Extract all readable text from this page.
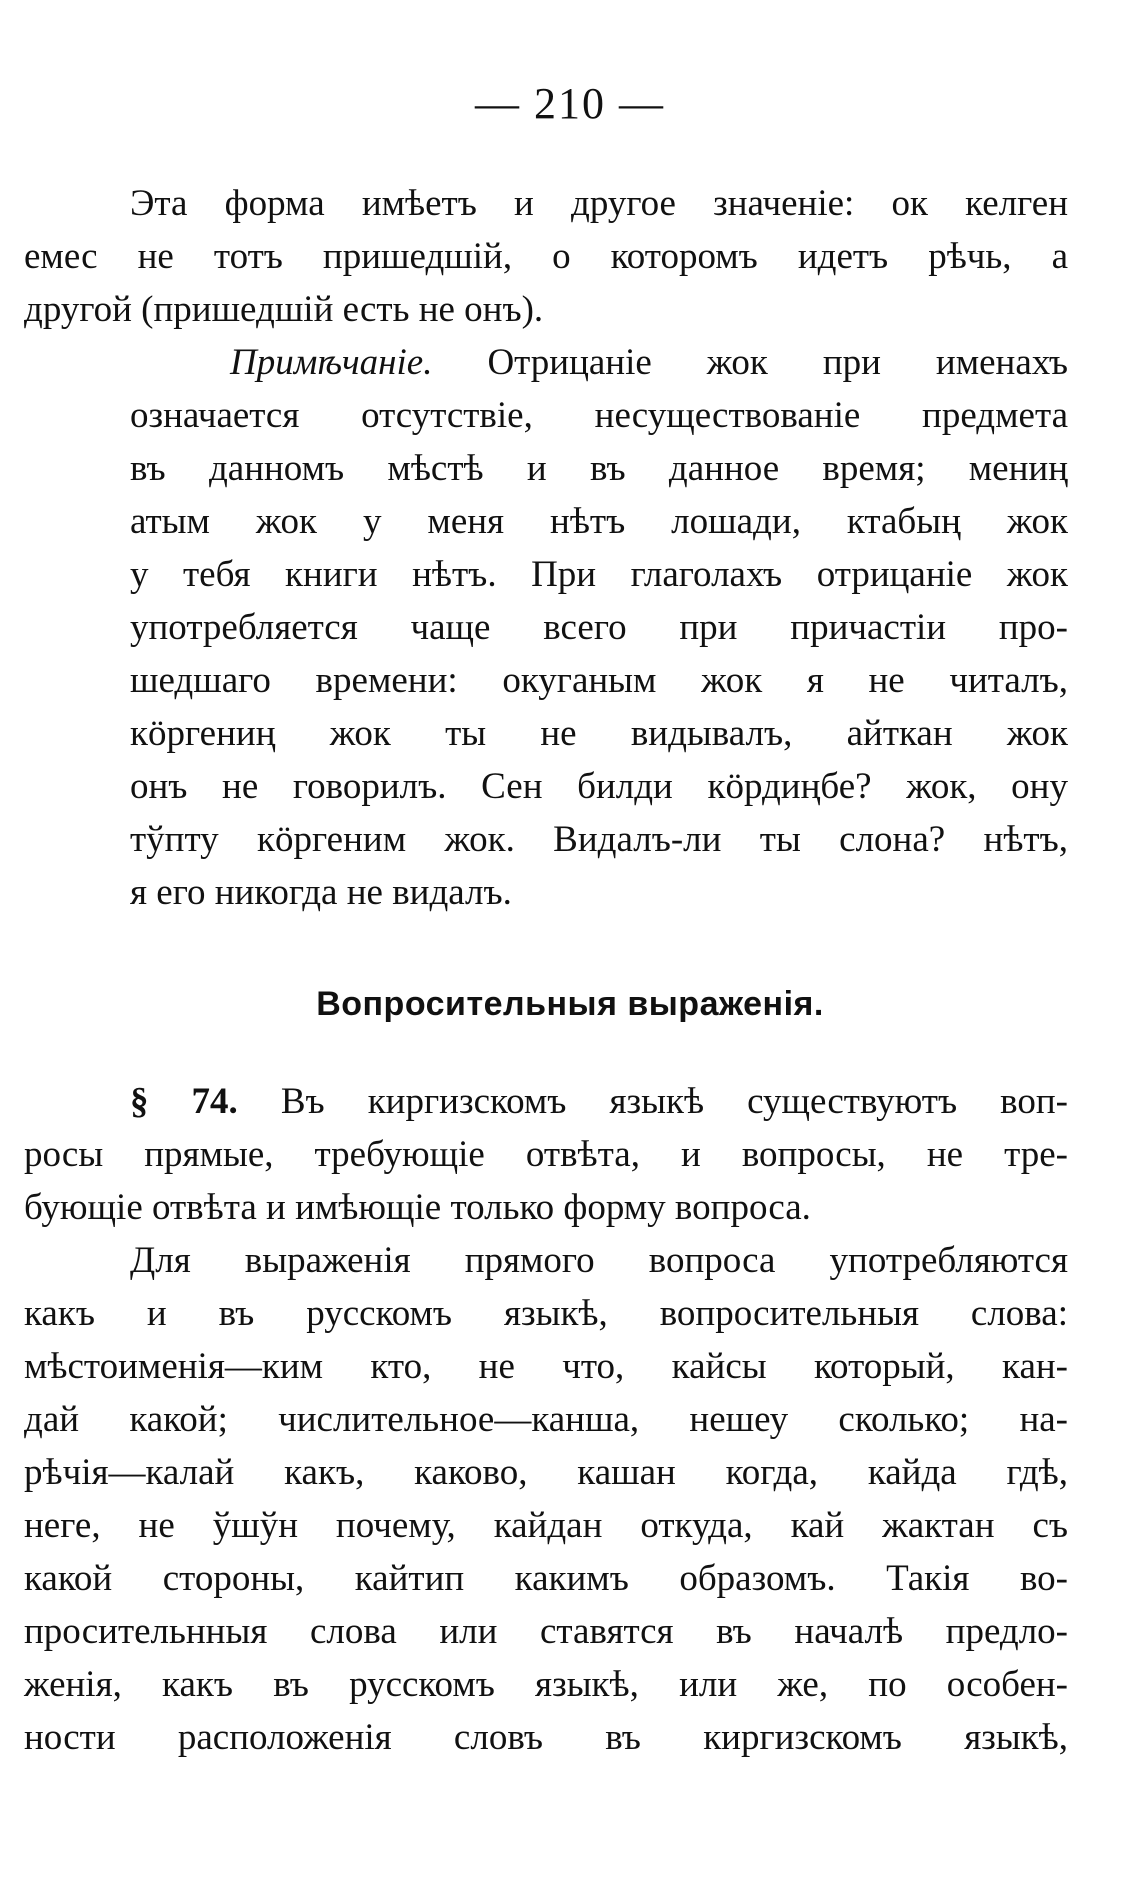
— 210 —
Эта форма имѣетъ и другое значеніе: ок келген
емес не тотъ пришедшій, о которомъ идетъ рѣчь, а
другой (пришедшій есть не онъ).
Примѣчаніе. Отрицаніе жок при именахъ
означается отсутствіе, несуществованіе предмета
въ данномъ мѣстѣ и въ данное время; мениң
атым жок у меня нѣтъ лошади, ктабың жок
у тебя книги нѣтъ. При глаголахъ отрицаніе жок
употребляется чаще всего при причастіи про-
шедшаго времени: окуганым жок я не читалъ,
кӧргениң жок ты не видывалъ, айткан жок
онъ не говорилъ. Сен билди кӧрдиңбе? жок, ону
тўпту кӧргеним жок. Видалъ-ли ты слона? нѣтъ,
я его никогда не видалъ.
Вопросительныя выраженія.
§ 74. Въ киргизскомъ языкѣ существуютъ воп-
росы прямые, требующіе отвѣта, и вопросы, не тре-
бующіе отвѣта и имѣющіе только форму вопроса.
Для выраженія прямого вопроса употребляются
какъ и въ русскомъ языкѣ, вопросительныя слова:
мѣстоименія—ким кто, не что, кайсы который, кан-
дай какой; числительное—канша, нешеу сколько; на-
рѣчія—калай какъ, каково, кашан когда, кайда гдѣ,
неге, не ўшўн почему, кайдан откуда, кай жактан съ
какой стороны, кайтип какимъ образомъ. Такія во-
просительнныя слова или ставятся въ началѣ предло-
женія, какъ въ русскомъ языкѣ, или же, по особен-
ности расположенія словъ въ киргизскомъ языкѣ,
